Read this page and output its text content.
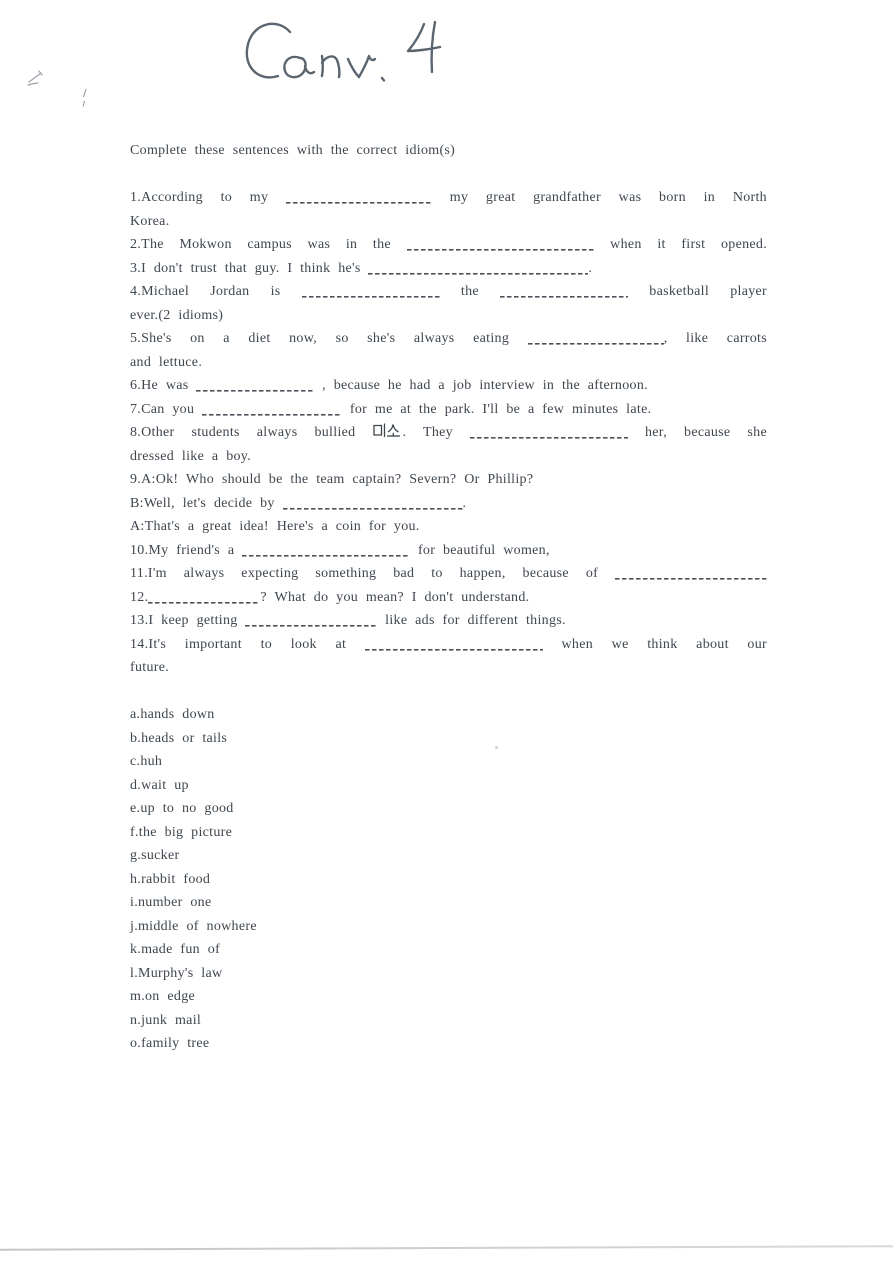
Complete these sentences with the correct idiom(s)
1.According to my	my great grandfather was born in North
Korea.
2.The Mokwon campus was in the	when it first opened.
3.I don't trust that guy. I think he's	.
4.Michael Jordan is	the	basketball player
ever.(2 idioms)
5.She's on a diet now, so she's always eating	, like carrots
and lettuce.
6.He was	, because he had a job interview in the afternoon.
7.Can you	for me at the park. I'll be a few minutes late.
8.Other students always bullied
. They	her, because she
dressed like a boy.
9.A:Ok! Who should be the team captain? Severn? Or Phillip?
B:Well, let's decide by	.
A:That's a great idea! Here's a coin for you.
10.My friend's a	for beautiful women,
11.I'm always expecting something bad to happen, because of
12.	? What do you mean? I don't understand.
13.I keep getting	like ads for different things.
14.It's important to look at	when we think about our
future.
a.hands down
b.heads or tails
c.huh
d.wait up
e.up to no good
f.the big picture
g.sucker
h.rabbit food
i.number one
j.middle of nowhere
k.made fun of
l.Murphy's law
m.on edge
n.junk mail
o.family tree
